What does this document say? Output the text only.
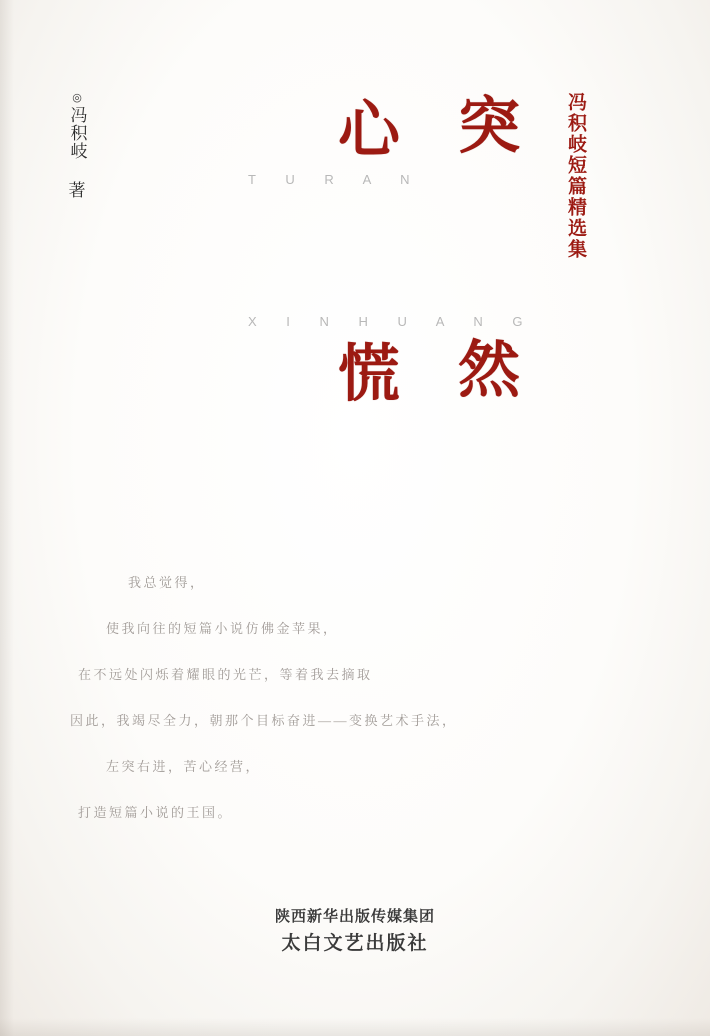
◎
冯积岐
著
心 突
慌 然
T U R A N
X I N H U A N G
冯积岐短篇精选集
我总觉得，
使我向往的短篇小说仿佛金苹果，
在不远处闪烁着耀眼的光芒，等着我去摘取
因此，我竭尽全力，朝那个目标奋进——变换艺术手法，
左突右进，苦心经营，
打造短篇小说的王国。
陕西新华出版传媒集团
太白文艺出版社
